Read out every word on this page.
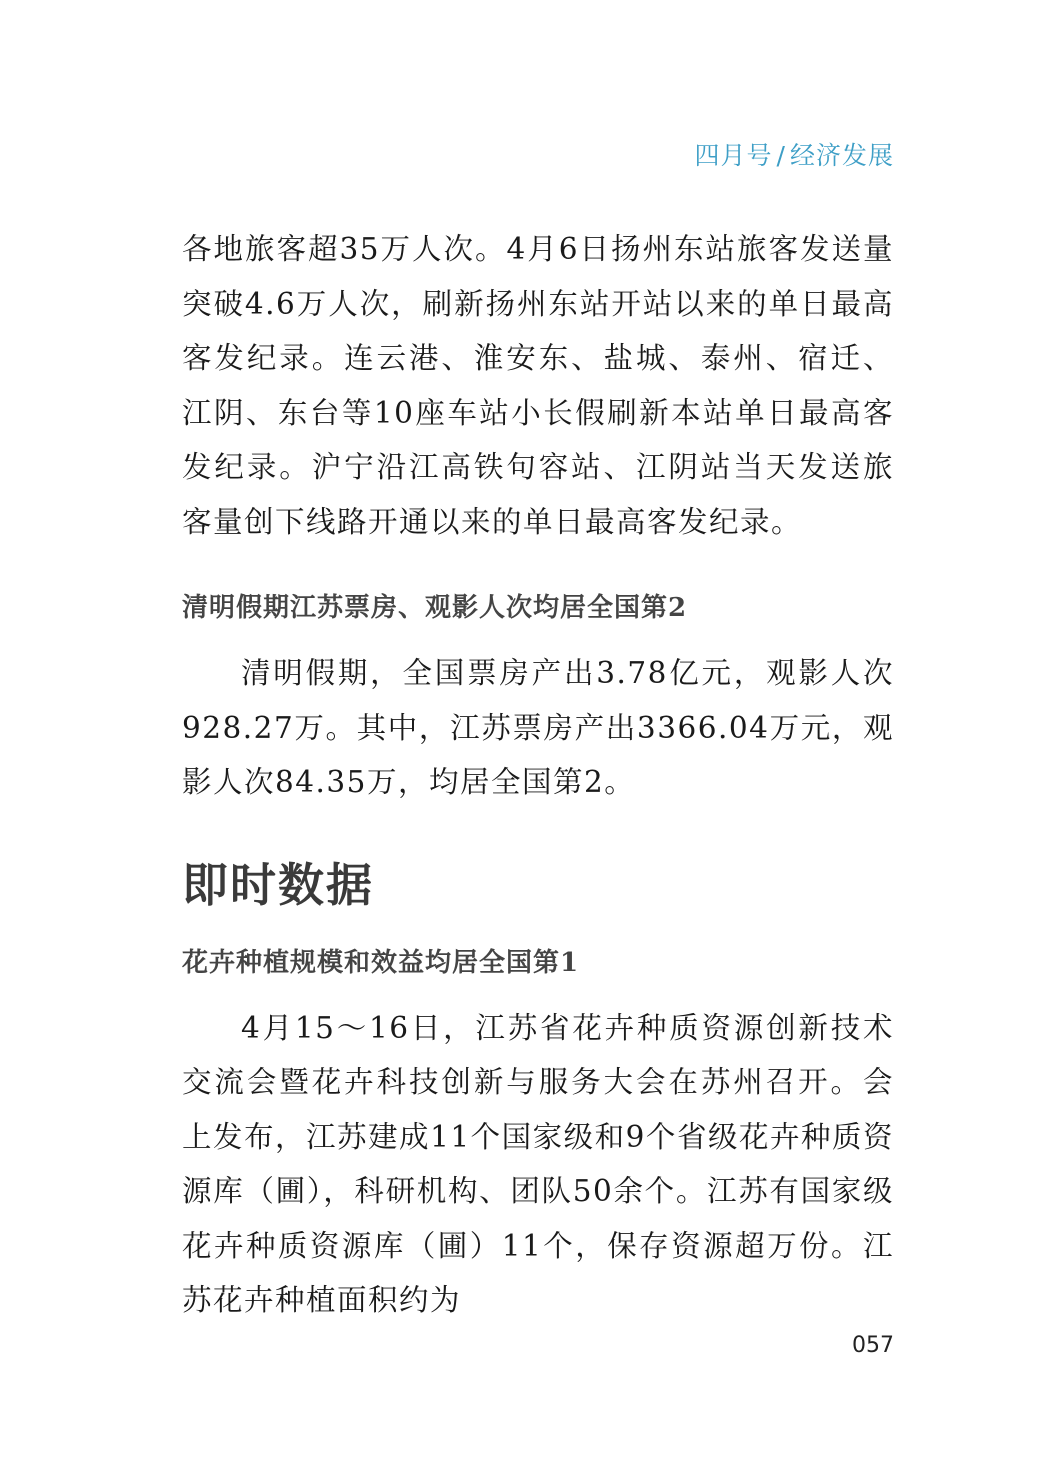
四月号 / 经济发展

各地旅客超35万人次。4月6日扬州东站旅客发送量突破4.6万人次，刷新扬州东站开站以来的单日最高客发纪录。连云港、淮安东、盐城、泰州、宿迁、江阴、东台等10座车站小长假刷新本站单日最高客发纪录。沪宁沿江高铁句容站、江阴站当天发送旅客量创下线路开通以来的单日最高客发纪录。

清明假期江苏票房、观影人次均居全国第2

清明假期，全国票房产出3.78亿元，观影人次928.27万。其中，江苏票房产出3366.04万元，观影人次84.35万，均居全国第2。

即时数据
花卉种植规模和效益均居全国第1

4月15～16日，江苏省花卉种质资源创新技术交流会暨花卉科技创新与服务大会在苏州召开。会上发布，江苏建成11个国家级和9个省级花卉种质资源库（圃），科研机构、团队50余个。江苏有国家级花卉种质资源库（圃）11个，保存资源超万份。江苏花卉种植面积约为

057
